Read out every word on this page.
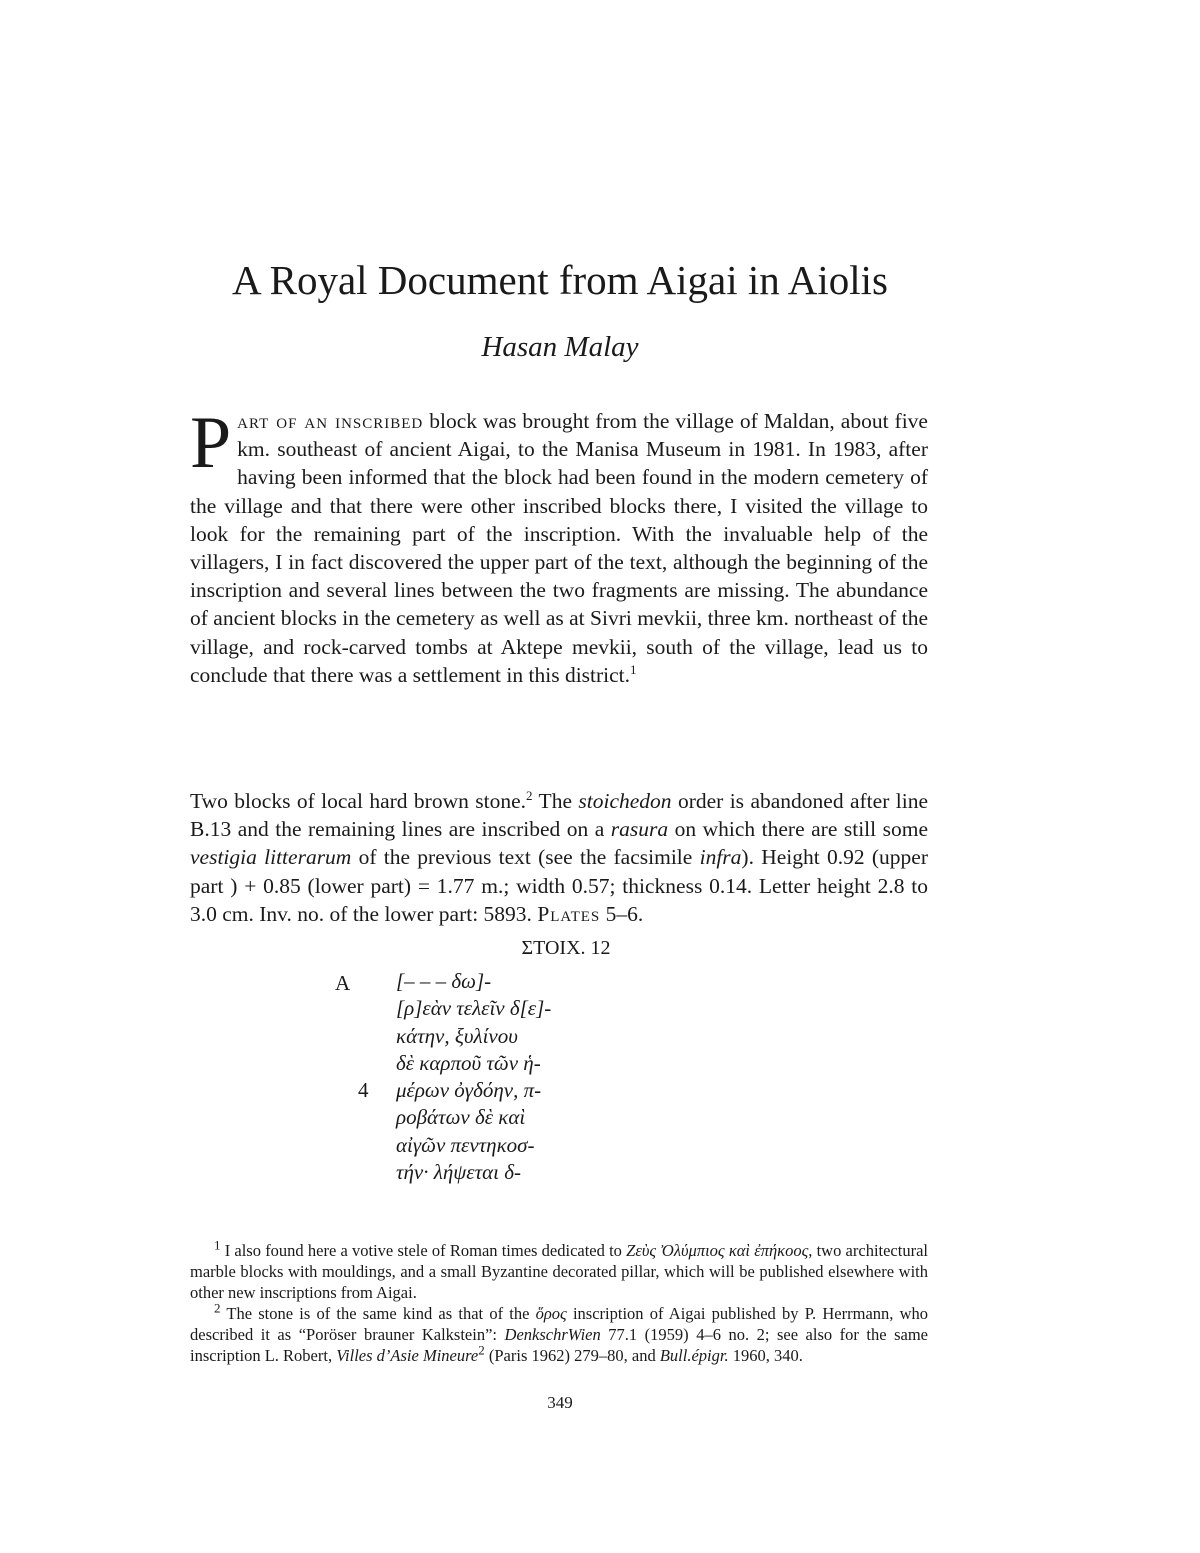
A Royal Document from Aigai in Aiolis
Hasan Malay

Part of an inscribed block was brought from the village of Maldan, about five km. southeast of ancient Aigai, to the Manisa Museum in 1981. In 1983, after having been informed that the block had been found in the modern cemetery of the village and that there were other inscribed blocks there, I visited the village to look for the remaining part of the inscription. With the invaluable help of the villagers, I in fact discovered the upper part of the text, although the beginning of the inscription and several lines between the two fragments are missing. The abundance of ancient blocks in the cemetery as well as at Sivri mevkii, three km. northeast of the village, and rock-carved tombs at Aktepe mevkii, south of the village, lead us to conclude that there was a settlement in this district.$^1$

Two blocks of local hard brown stone.$^2$ The stoichedon order is abandoned after line B.13 and the remaining lines are inscribed on a rasura on which there are still some vestigia litterarum of the previous text (see the facsimile infra). Height 0.92 (upper part ) + 0.85 (lower part) = 1.77 m.; width 0.57; thickness 0.14. Letter height 2.8 to 3.0 cm. Inv. no. of the lower part: 5893. Plates 5–6.

ΣΤΟΙΧ. 12
A	[– – – δω]-
[ρ]εὰν τελεῖν δ[ε]-
κάτην, ξυλίνου
δὲ καρποῦ τῶν ἡ-
4 μέρων ὀγδόην, π-
ροβάτων δὲ καὶ
αἰγῶν πεντηκοσ-
τήν· λήψεται δ-

$^1$ I also found here a votive stele of Roman times dedicated to Ζεὺς Ὀλύμπιος καὶ ἐπήκοος, two architectural marble blocks with mouldings, and a small Byzantine decorated pillar, which will be published elsewhere with other new inscriptions from Aigai.

$^2$ The stone is of the same kind as that of the ὅρος inscription of Aigai published by P. Herrmann, who described it as “Poröser brauner Kalkstein”: DenkschrWien 77.1 (1959) 4–6 no. 2; see also for the same inscription L. Robert, Villes d’Asie Mineure$^2$ (Paris 1962) 279–80, and Bull.épigr. 1960, 340.

349
